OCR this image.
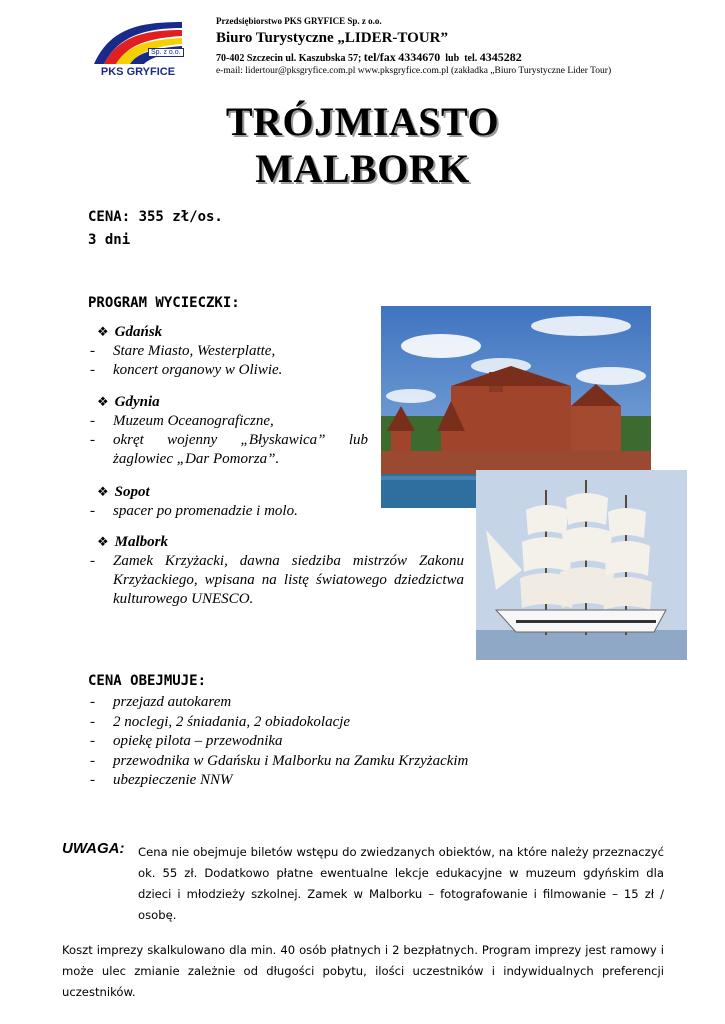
Sp. z o.o.
PKS GRYFICE
Przedsiębiorstwo PKS GRYFICE Sp. z o.o.
Biuro Turystyczne „LIDER-TOUR”
70-402 Szczecin ul. Kaszubska 57; tel/fax 4334670 lub tel. 4345282
e-mail: lidertour@pksgryfice.com.pl www.pksgryfice.com.pl (zakładka „Biuro Turystyczne Lider Tour)
TRÓJMIASTO
MALBORK
CENA: 355 zł/os.
3 dni
PROGRAM WYCIECZKI:
❖ Gdańsk
- Stare Miasto, Westerplatte,
- koncert organowy w Oliwie.
❖ Gdynia
- Muzeum Oceanograficzne,
- okręt wojenny „Błyskawica” lub żaglowiec „Dar Pomorza”.
❖ Sopot
- spacer po promenadzie i molo.
❖ Malbork
- Zamek Krzyżacki, dawna siedziba mistrzów Zakonu Krzyżackiego, wpisana na listę światowego dziedzictwa kulturowego UNESCO.
CENA OBEJMUJE:
- przejazd autokarem
- 2 noclegi, 2 śniadania, 2 obiadokolacje
- opiekę pilota – przewodnika
- przewodnika w Gdańsku i Malborku na Zamku Krzyżackim
- ubezpieczenie NNW
UWAGA: Cena nie obejmuje biletów wstępu do zwiedzanych obiektów, na które należy przeznaczyć ok. 55 zł. Dodatkowo płatne ewentualne lekcje edukacyjne w muzeum gdyńskim dla dzieci i młodzieży szkolnej. Zamek w Malborku – fotografowanie i filmowanie – 15 zł / osobę.
Koszt imprezy skalkulowano dla min. 40 osób płatnych i 2 bezpłatnych. Program imprezy jest ramowy i może ulec zmianie zależnie od długości pobytu, ilości uczestników i indywidualnych preferencji uczestników.
